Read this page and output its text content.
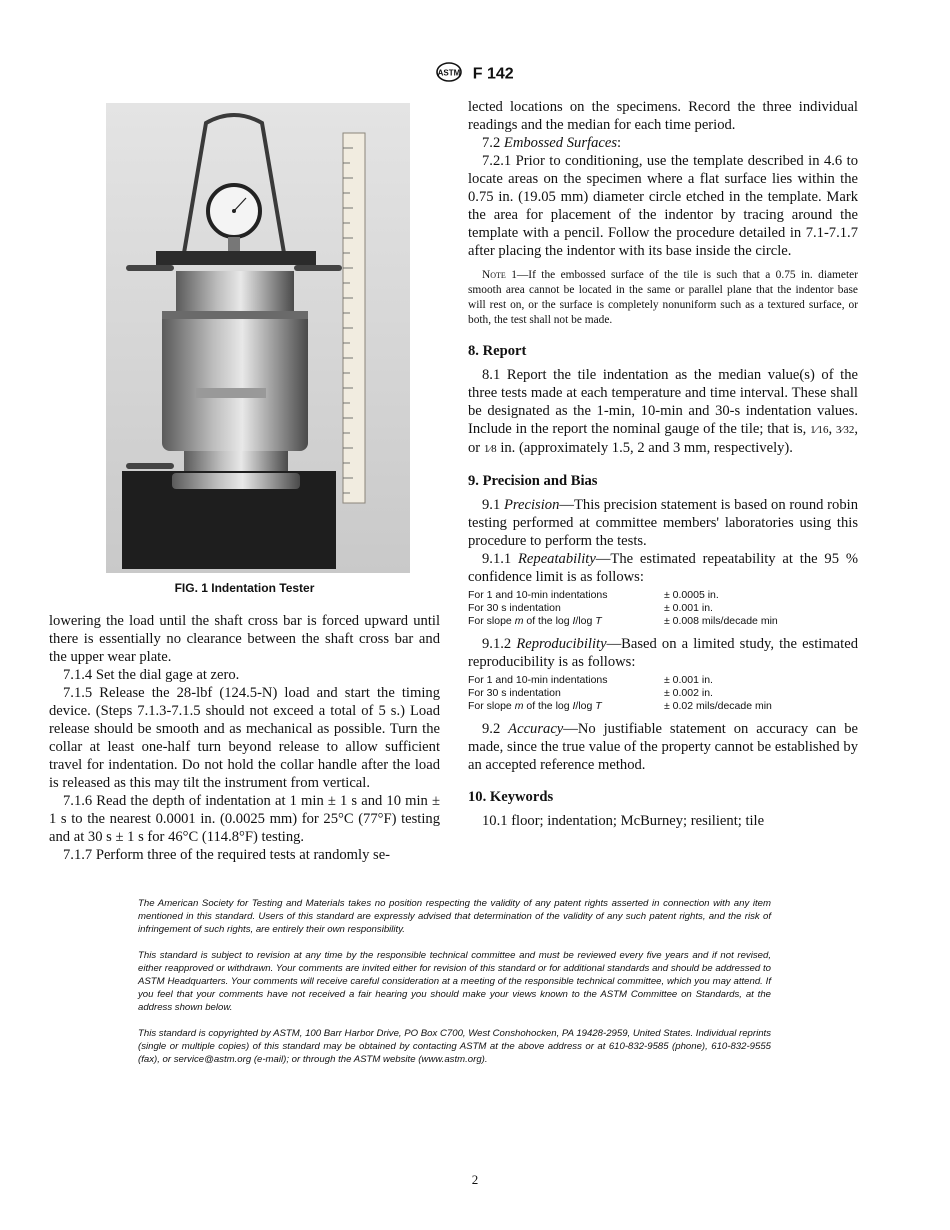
ASTM F 142
FIG. 1 Indentation Tester

lowering the load until the shaft cross bar is forced upward until there is essentially no clearance between the shaft cross bar and the upper wear plate.

7.1.4 Set the dial gage at zero.

7.1.5 Release the 28-lbf (124.5-N) load and start the timing device. (Steps 7.1.3-7.1.5 should not exceed a total of 5 s.) Load release should be smooth and as mechanical as possible. Turn the collar at least one-half turn beyond release to allow sufficient travel for indentation. Do not hold the collar handle after the load is released as this may tilt the instrument from vertical.

7.1.6 Read the depth of indentation at 1 min ± 1 s and 10 min ± 1 s to the nearest 0.0001 in. (0.0025 mm) for 25°C (77°F) testing and at 30 s ± 1 s for 46°C (114.8°F) testing.

7.1.7 Perform three of the required tests at randomly se-

lected locations on the specimens. Record the three individual readings and the median for each time period.

7.2 Embossed Surfaces:

7.2.1 Prior to conditioning, use the template described in 4.6 to locate areas on the specimen where a flat surface lies within the 0.75 in. (19.05 mm) diameter circle etched in the template. Mark the area for placement of the indentor by tracing around the template with a pencil. Follow the procedure detailed in 7.1-7.1.7 after placing the indentor with its base inside the circle.

Note 1—If the embossed surface of the tile is such that a 0.75 in. diameter smooth area cannot be located in the same or parallel plane that the indentor base will rest on, or the surface is completely nonuniform such as a textured surface, or both, the test shall not be made.

8. Report

8.1 Report the tile indentation as the median value(s) of the three tests made at each temperature and time interval. These shall be designated as the 1-min, 10-min and 30-s indentation values. Include in the report the nominal gauge of the tile; that is, 1⁄16, 3⁄32, or 1⁄8 in. (approximately 1.5, 2 and 3 mm, respectively).

9. Precision and Bias

9.1 Precision—This precision statement is based on round robin testing performed at committee members' laboratories using this procedure to perform the tests.

9.1.1 Repeatability—The estimated repeatability at the 95 % confidence limit is as follows:

For 1 and 10-min indentations	± 0.0005 in.
For 30 s indentation	± 0.001 in.
For slope m of the log I/log T	± 0.008 mils/decade min

9.1.2 Reproducibility—Based on a limited study, the estimated reproducibility is as follows:

For 1 and 10-min indentations	± 0.001 in.
For 30 s indentation	± 0.002 in.
For slope m of the log I/log T	± 0.02 mils/decade min

9.2 Accuracy—No justifiable statement on accuracy can be made, since the true value of the property cannot be established by an accepted reference method.

10. Keywords

10.1 floor; indentation; McBurney; resilient; tile

The American Society for Testing and Materials takes no position respecting the validity of any patent rights asserted in connection with any item mentioned in this standard. Users of this standard are expressly advised that determination of the validity of any such patent rights, and the risk of infringement of such rights, are entirely their own responsibility.

This standard is subject to revision at any time by the responsible technical committee and must be reviewed every five years and if not revised, either reapproved or withdrawn. Your comments are invited either for revision of this standard or for additional standards and should be addressed to ASTM Headquarters. Your comments will receive careful consideration at a meeting of the responsible technical committee, which you may attend. If you feel that your comments have not received a fair hearing you should make your views known to the ASTM Committee on Standards, at the address shown below.

This standard is copyrighted by ASTM, 100 Barr Harbor Drive, PO Box C700, West Conshohocken, PA 19428-2959, United States. Individual reprints (single or multiple copies) of this standard may be obtained by contacting ASTM at the above address or at 610-832-9585 (phone), 610-832-9555 (fax), or service@astm.org (e-mail); or through the ASTM website (www.astm.org).

2
